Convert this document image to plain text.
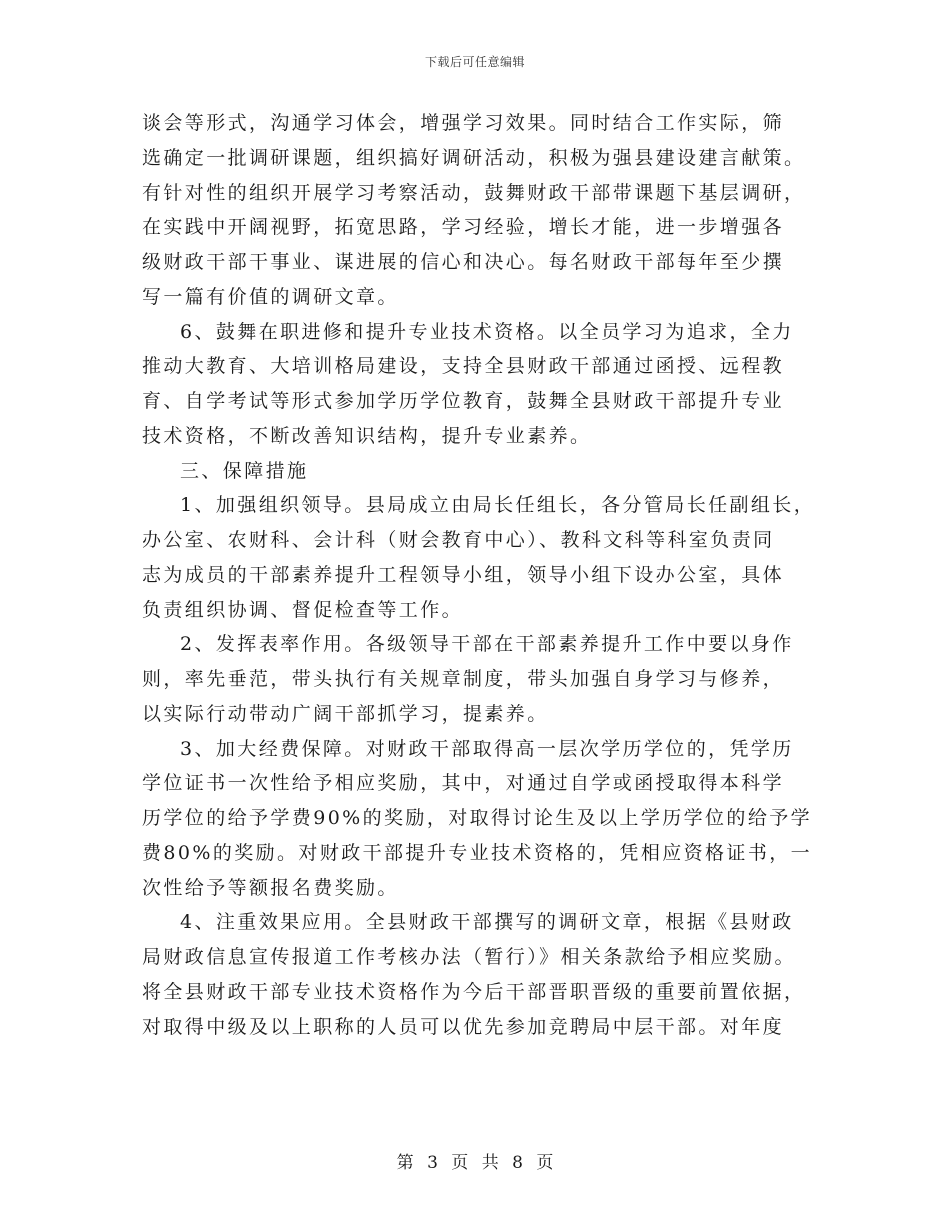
下载后可任意编辑
谈会等形式，沟通学习体会，增强学习效果。同时结合工作实际，筛
选确定一批调研课题，组织搞好调研活动，积极为强县建设建言献策。
有针对性的组织开展学习考察活动，鼓舞财政干部带课题下基层调研，
在实践中开阔视野，拓宽思路，学习经验，增长才能，进一步增强各
级财政干部干事业、谋进展的信心和决心。每名财政干部每年至少撰
写一篇有价值的调研文章。
6、鼓舞在职进修和提升专业技术资格。以全员学习为追求，全力
推动大教育、大培训格局建设，支持全县财政干部通过函授、远程教
育、自学考试等形式参加学历学位教育，鼓舞全县财政干部提升专业
技术资格，不断改善知识结构，提升专业素养。
三、保障措施
1、加强组织领导。县局成立由局长任组长，各分管局长任副组长，
办公室、农财科、会计科（财会教育中心）、教科文科等科室负责同
志为成员的干部素养提升工程领导小组，领导小组下设办公室，具体
负责组织协调、督促检查等工作。
2、发挥表率作用。各级领导干部在干部素养提升工作中要以身作
则，率先垂范，带头执行有关规章制度，带头加强自身学习与修养，
以实际行动带动广阔干部抓学习，提素养。
3、加大经费保障。对财政干部取得高一层次学历学位的，凭学历
学位证书一次性给予相应奖励，其中，对通过自学或函授取得本科学
历学位的给予学费90%的奖励，对取得讨论生及以上学历学位的给予学
费80%的奖励。对财政干部提升专业技术资格的，凭相应资格证书，一
次性给予等额报名费奖励。
4、注重效果应用。全县财政干部撰写的调研文章，根据《县财政
局财政信息宣传报道工作考核办法（暂行）》相关条款给予相应奖励。
将全县财政干部专业技术资格作为今后干部晋职晋级的重要前置依据，
对取得中级及以上职称的人员可以优先参加竞聘局中层干部。对年度
第 3 页 共 8 页
